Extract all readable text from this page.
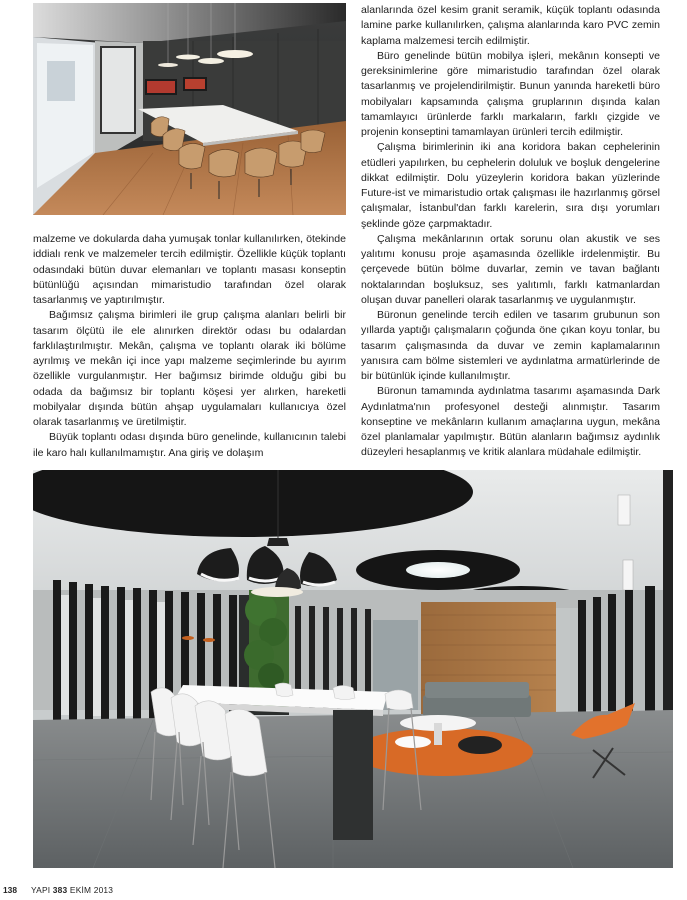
malzeme ve dokularda daha yumuşak tonlar kullanılırken, ötekinde iddialı renk ve malzemeler tercih edilmiştir. Özellikle küçük toplantı odasındaki bütün duvar elemanları ve toplantı masası konseptin bütünlüğü açısından mimaristudio tarafından özel olarak tasarlanmış ve yaptırılmıştır.

Bağımsız çalışma birimleri ile grup çalışma alanları belirli bir tasarım ölçütü ile ele alınırken direktör odası bu odalardan farklılaştırılmıştır. Mekân, çalışma ve toplantı olarak iki bölüme ayrılmış ve mekân içi ince yapı malzeme seçimlerinde bu ayırım özellikle vurgulanmıştır. Her bağımsız birimde olduğu gibi bu odada da bağımsız bir toplantı köşesi yer alırken, hareketli mobilyalar dışında bütün ahşap uygulamaları kullanıcıya özel olarak tasarlanmış ve üretilmiştir.

Büyük toplantı odası dışında büro genelinde, kullanıcının talebi ile karo halı kullanılmamıştır. Ana giriş ve dolaşım

alanlarında özel kesim granit seramik, küçük toplantı odasında lamine parke kullanılırken, çalışma alanlarında karo PVC zemin kaplama malzemesi tercih edilmiştir.

Büro genelinde bütün mobilya işleri, mekânın konsepti ve gereksinimlerine göre mimaristudio tarafından özel olarak tasarlanmış ve projelendirilmiştir. Bunun yanında hareketli büro mobilyaları kapsamında çalışma gruplarının dışında kalan tamamlayıcı ürünlerde farklı markaların, farklı çizgide ve projenin konseptini tamamlayan ürünleri tercih edilmiştir.

Çalışma birimlerinin iki ana koridora bakan cephelerinin etüdleri yapılırken, bu cephelerin doluluk ve boşluk dengelerine dikkat edilmiştir. Dolu yüzeylerin koridora bakan yüzlerinde Future-ist ve mimaristudio ortak çalışması ile hazırlanmış görsel çalışmalar, İstanbul'dan farklı karelerin, sıra dışı yorumları şeklinde göze çarpmaktadır.

Çalışma mekânlarının ortak sorunu olan akustik ve ses yalıtımı konusu proje aşamasında özellikle irdelenmiştir. Bu çerçevede bütün bölme duvarlar, zemin ve tavan bağlantı noktalarından boşluksuz, ses yalıtımlı, farklı katmanlardan oluşan duvar panelleri olarak tasarlanmış ve uygulanmıştır.

Büronun genelinde tercih edilen ve tasarım grubunun son yıllarda yaptığı çalışmaların çoğunda öne çıkan koyu tonlar, bu tasarım çalışmasında da duvar ve zemin kaplamalarının yanısıra cam bölme sistemleri ve aydınlatma armatürlerinde de bir bütünlük içinde kullanılmıştır.

Büronun tamamında aydınlatma tasarımı aşamasında Dark Aydınlatma'nın profesyonel desteği alınmıştır. Tasarım konseptine ve mekânların kullanım amaçlarına uygun, mekâna özel planlamalar yapılmıştır. Bütün alanların bağımsız aydınlık düzeyleri hesaplanmış ve kritik alanlara müdahale edilmiştir.

138 YAPI 383 EKİM 2013
